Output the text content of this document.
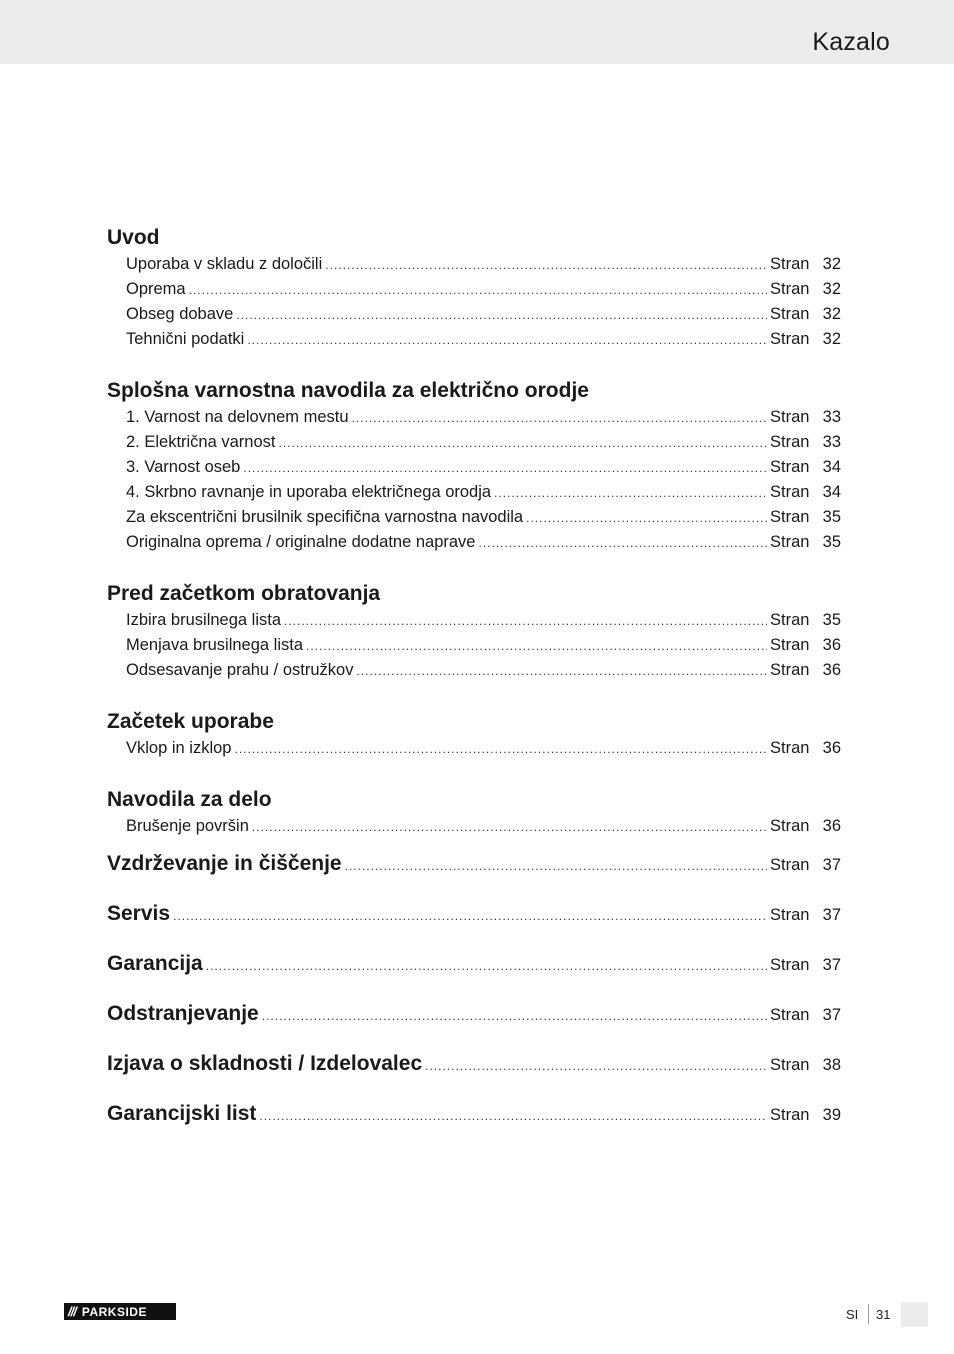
Kazalo
Uvod
Uporaba v skladu z določili .....	Stran 32
Oprema .....	Stran 32
Obseg dobave .....	Stran 32
Tehnični podatki .....	Stran 32
Splošna varnostna navodila za električno orodje
1. Varnost na delovnem mestu .....	Stran 33
2. Električna varnost .....	Stran 33
3. Varnost oseb .....	Stran 34
4. Skrbno ravnanje in uporaba električnega orodja .....	Stran 34
Za ekscentrični brusilnik specifična varnostna navodila .....	Stran 35
Originalna oprema / originalne dodatne naprave .....	Stran 35
Pred začetkom obratovanja
Izbira brusilnega lista .....	Stran 35
Menjava brusilnega lista .....	Stran 36
Odsesavanje prahu / ostružkov .....	Stran 36
Začetek uporabe
Vklop in izklop .....	Stran 36
Navodila za delo
Brušenje površin .....	Stran 36
Vzdrževanje in čiščenje .....	Stran 37
Servis .....	Stran 37
Garancija .....	Stran 37
Odstranjevanje .....	Stran 37
Izjava o skladnosti / Izdelovalec .....	Stran 38
Garancijski list .....	Stran 39
/// PARKSIDE	SI 31
